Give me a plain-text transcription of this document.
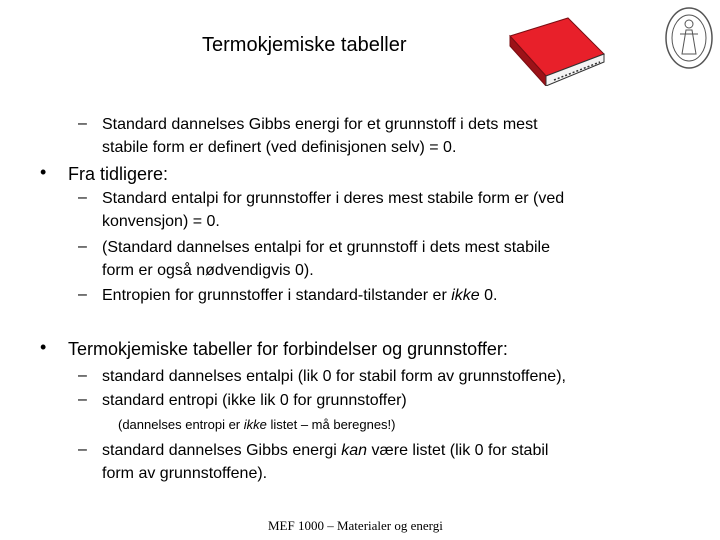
Termokjemiske tabeller
– Standard dannelses Gibbs energi for et grunnstoff i dets mest
stabile form er definert (ved definisjonen selv) = 0.
• Fra tidligere:
– Standard entalpi for grunnstoffer i deres mest stabile form er (ved
konvensjon) = 0.
– (Standard dannelses entalpi for et grunnstoff i dets mest stabile
form er også nødvendigvis 0).
– Entropien for grunnstoffer i standard-tilstander er ikke 0.
• Termokjemiske tabeller for forbindelser og grunnstoffer:
– standard dannelses entalpi (lik 0 for stabil form av grunnstoffene),
– standard entropi (ikke lik 0 for grunnstoffer)
(dannelses entropi er ikke listet – må beregnes!)
– standard dannelses Gibbs energi kan være listet (lik 0 for stabil
form av grunnstoffene).
MEF 1000 – Materialer og energi
